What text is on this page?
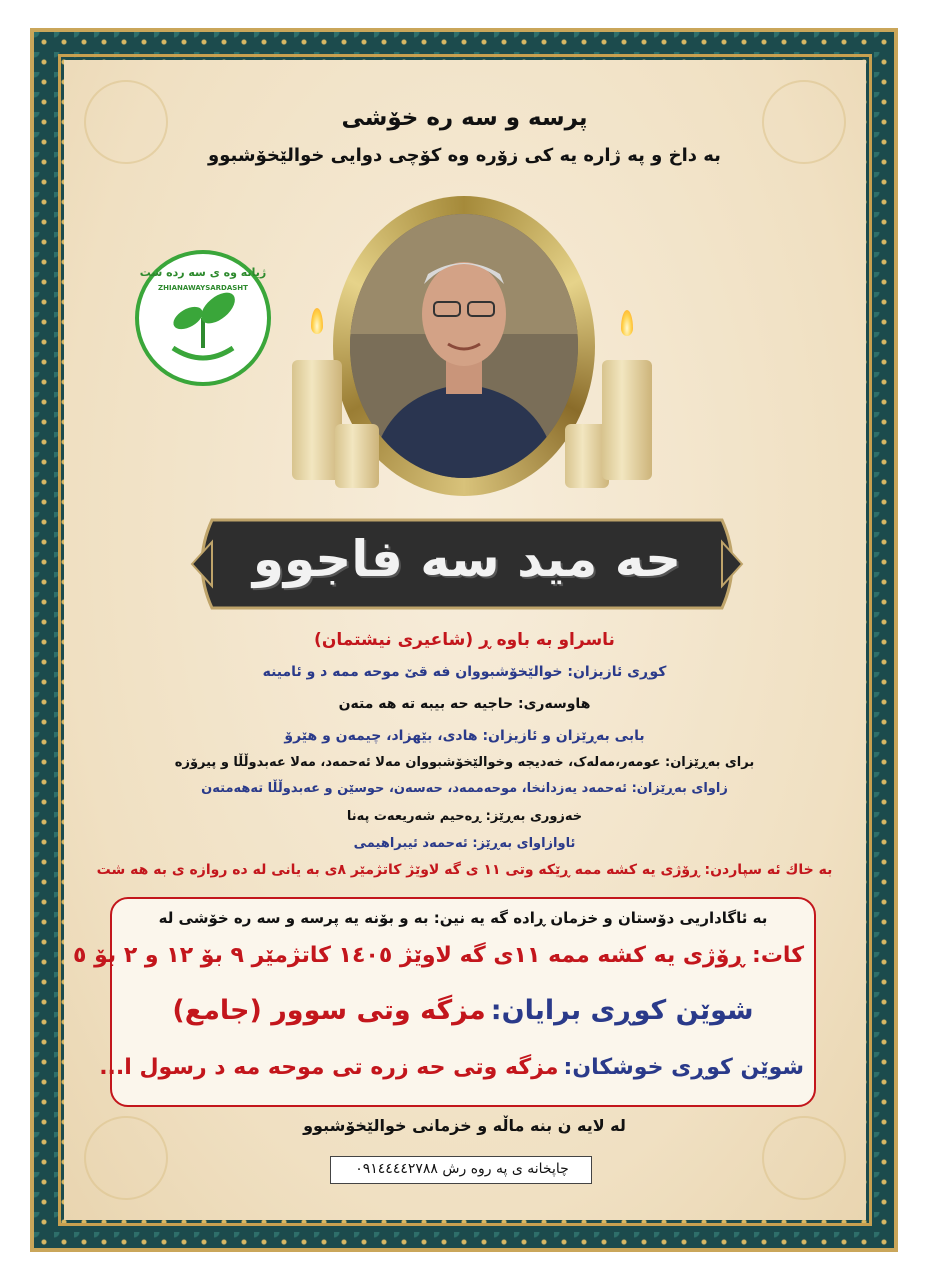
پرسه و سه ره خۆشی
به داخ و په ژاره یه كی زۆره وه كۆچی دوایی خوالێخۆشبوو
ژیانه وه ی سه رده شت
ZHIANAWAYSARDASHT
حه مید سه فاجوو
ناسراو به باوه ڕ (شاعیری نیشتمان)
كوڕی ئازیزان: خوالێخۆشبووان فه قێ موحه ممه د و ئامینه
هاوسەری: حاجیه حه بیبه ته هه متەن
بابی بەڕێزان و ئازیزان: هادی، بێهزاد، چیمەن و هێرۆ
برای بەڕێزان: عومەر،مەلەک، خەدیجە وخوالێخۆشبووان مەلا ئەحمەد، مەلا عەبدوڵڵا و پیرۆزە
زاوای بەڕێزان: ئەحمەد یەزدانخا، موحەممەد، حەسەن، حوسێن و عەبدوڵڵا تەهەمتەن
خەزوری بەڕێز: ڕەحیم شەریعەت پەنا
ئاوازاوای بەڕێز: ئەحمەد ئیبراهیمی
به خاك ئه سپاردن: ڕۆژی یه كشه ممه ڕێكه وتی ١١ ی گه لاوێژ كاتژمێر ٨ی به یانی له ده روازه ی به هه شت
به ئاگاداریی دۆستان و خزمان ڕاده گه یه نین: به و بۆنه یه پرسه و سه ره خۆشی له
كات: ڕۆژی یه كشه ممه ١١ی گه لاوێژ ١٤٠٥ كاتژمێر ٩ بۆ ١٢ و ٢ بۆ ٥
شوێن كوڕی برایان: مزگه وتی سوور (جامع)
شوێن كوڕی خوشكان: مزگه وتی حه زره تی موحه مه د رسول ا...
له لایه ن بنه ماڵه و خزمانی خوالێخۆشبوو
چاپخانه ی په روه رش ٠٩١٤٤٤٤٢٧٨٨
